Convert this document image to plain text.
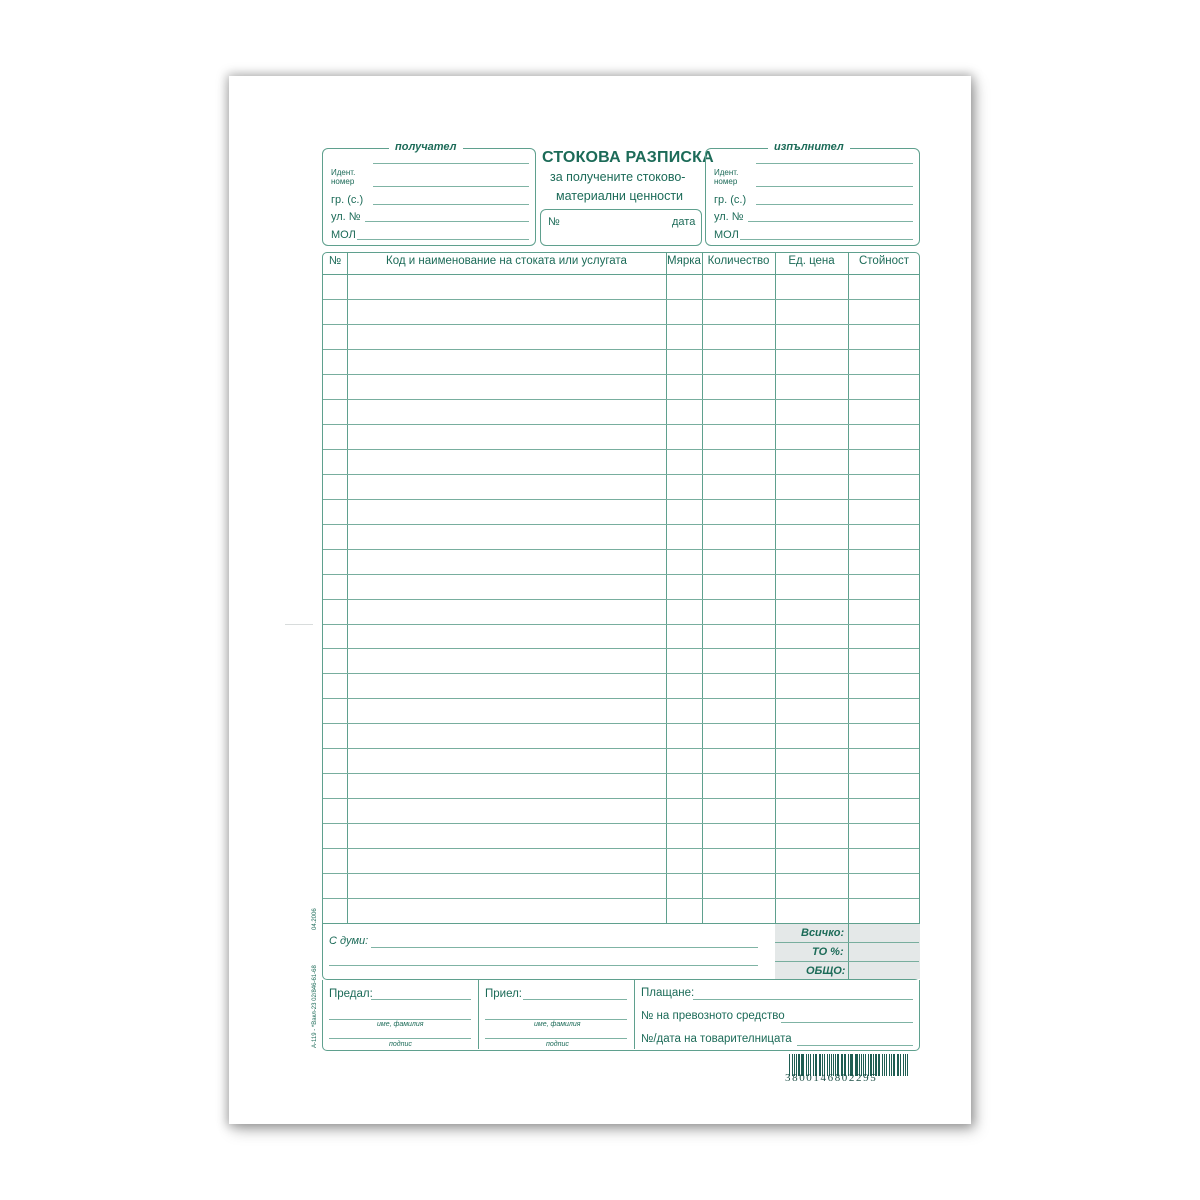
получател
Идент.
номер
гр. (с.)
ул. №
МОЛ
СТОКОВА РАЗПИСКА
за получените стоково-
материални ценности
№	дата
изпълнител
Идент.
номер
гр. (с.)
ул. №
МОЛ
№	Код и наименование на стоката или услугата	Мярка Количество	Ед. цена	Стойност
Всичко:
ТО %:
ОБЩО:
С думи:
Предал:
име, фамилия
подпис
Приел:
име, фамилия
подпис
Плащане:
№ на превозното средство
№/дата на товарителницата
А-119 - *Вакл-23 02/846-61-68
04.2006
3800146802295
